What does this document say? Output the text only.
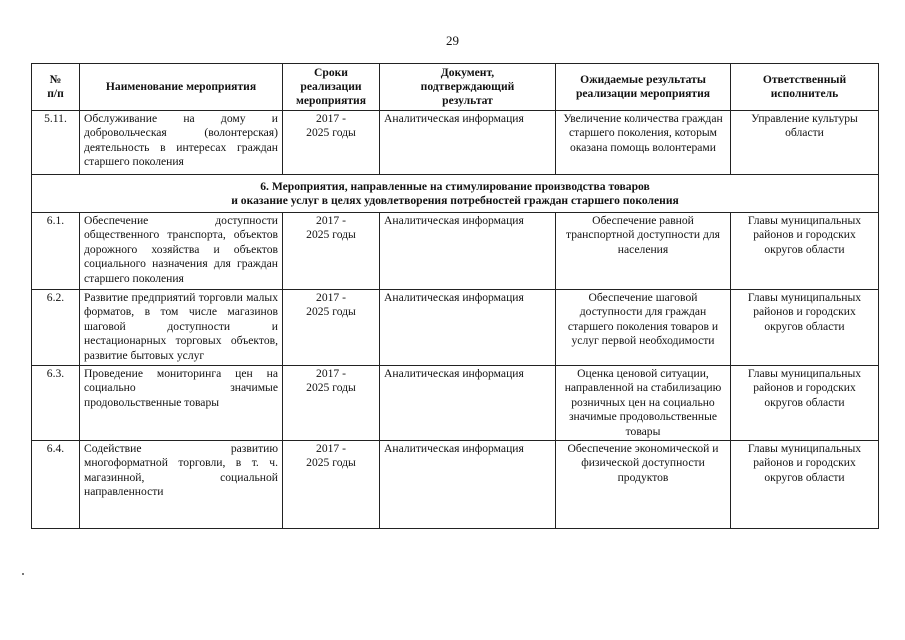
29
№
п/п	Наименование мероприятия	Сроки
реализации
мероприятия	Документ,
подтверждающий
результат	Ожидаемые результаты
реализации мероприятия	Ответственный
исполнитель
5.11.	Обслуживание на дому и добровольческая (волонтерская) деятельность в интересах граждан старшего поколения	2017 -
2025 годы	Аналитическая информация	Увеличение количества граждан старшего поколения, которым оказана помощь волонтерами	Управление культуры области
6. Мероприятия, направленные на стимулирование производства товаров
и оказание услуг в целях удовлетворения потребностей граждан старшего поколения					
6.1.	Обеспечение доступности общественного транспорта, объектов дорожного хозяйства и объектов социального назначения для граждан старшего поколения	2017 -
2025 годы	Аналитическая информация	Обеспечение равной транспортной доступности для населения	Главы муниципальных районов и городских округов области
6.2.	Развитие предприятий торговли малых форматов, в том числе магазинов шаговой доступности и нестационарных торговых объектов, развитие бытовых услуг	2017 -
2025 годы	Аналитическая информация	Обеспечение шаговой доступности для граждан старшего поколения товаров и услуг первой необходимости	Главы муниципальных районов и городских округов области
6.3.	Проведение мониторинга цен на социально значимые продовольственные товары	2017 -
2025 годы	Аналитическая информация	Оценка ценовой ситуации, направленной на стабилизацию розничных цен на социально значимые продовольственные товары	Главы муниципальных районов и городских округов области
6.4.	Содействие развитию многоформатной торговли, в т. ч. магазинной, социальной направленности	2017 -
2025 годы	Аналитическая информация	Обеспечение экономической и физической доступности продуктов	Главы муниципальных районов и городских округов области
